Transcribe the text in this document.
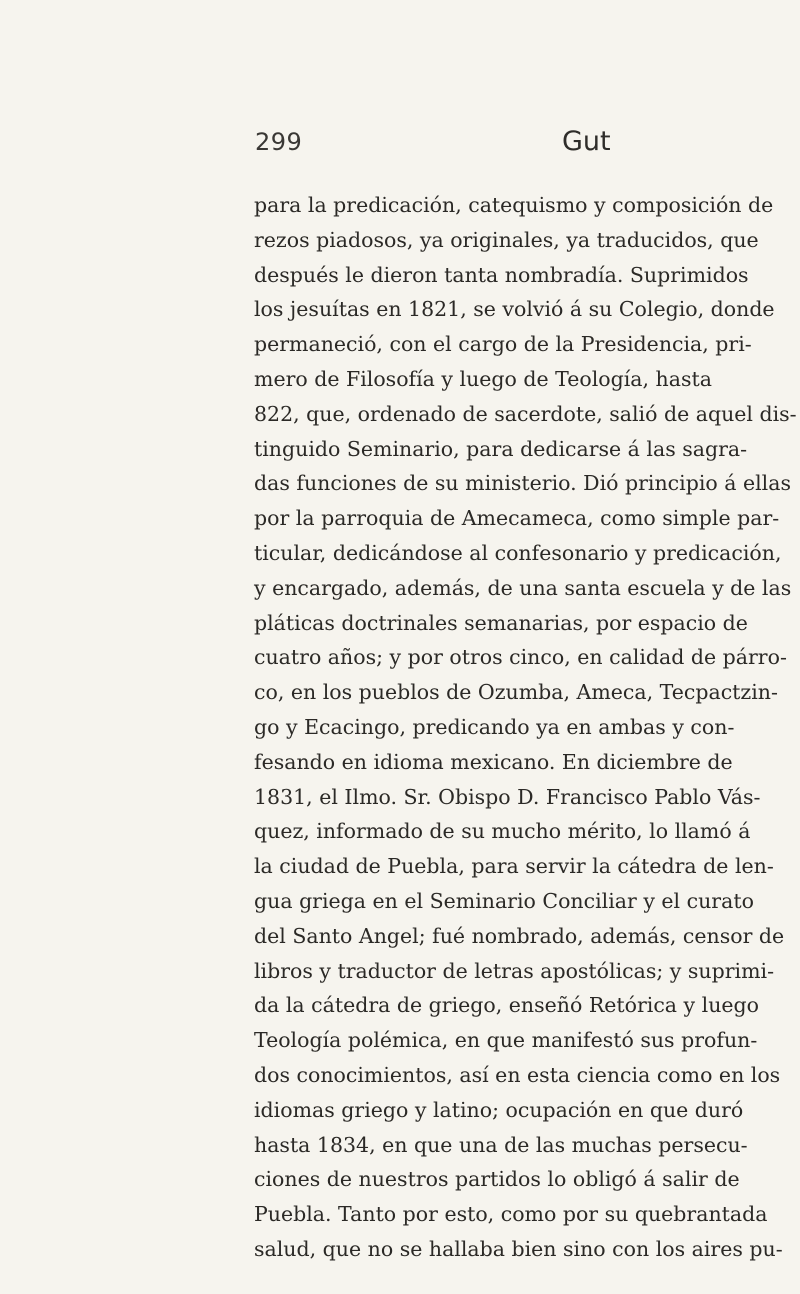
299	Gut
para la predicación, catequismo y composición de
rezos piadosos, ya originales, ya traducidos, que
después le dieron tanta nombradía. Suprimidos
los jesuítas en 1821, se volvió á su Colegio, donde
permaneció, con el cargo de la Presidencia, pri-
mero de Filosofía y luego de Teología, hasta
822, que, ordenado de sacerdote, salió de aquel dis-
tinguido Seminario, para dedicarse á las sagra-
das funciones de su ministerio. Dió principio á ellas
por la parroquia de Amecameca, como simple par-
ticular, dedicándose al confesonario y predicación,
y encargado, además, de una santa escuela y de las
pláticas doctrinales semanarias, por espacio de
cuatro años; y por otros cinco, en calidad de párro-
co, en los pueblos de Ozumba, Ameca, Tecpactzin-
go y Ecacingo, predicando ya en ambas y con-
fesando en idioma mexicano. En diciembre de
1831, el Ilmo. Sr. Obispo D. Francisco Pablo Vás-
quez, informado de su mucho mérito, lo llamó á
la ciudad de Puebla, para servir la cátedra de len-
gua griega en el Seminario Conciliar y el curato
del Santo Angel; fué nombrado, además, censor de
libros y traductor de letras apostólicas; y suprimi-
da la cátedra de griego, enseñó Retórica y luego
Teología polémica, en que manifestó sus profun-
dos conocimientos, así en esta ciencia como en los
idiomas griego y latino; ocupación en que duró
hasta 1834, en que una de las muchas persecu-
ciones de nuestros partidos lo obligó á salir de
Puebla. Tanto por esto, como por su quebrantada
salud, que no se hallaba bien sino con los aires pu-
